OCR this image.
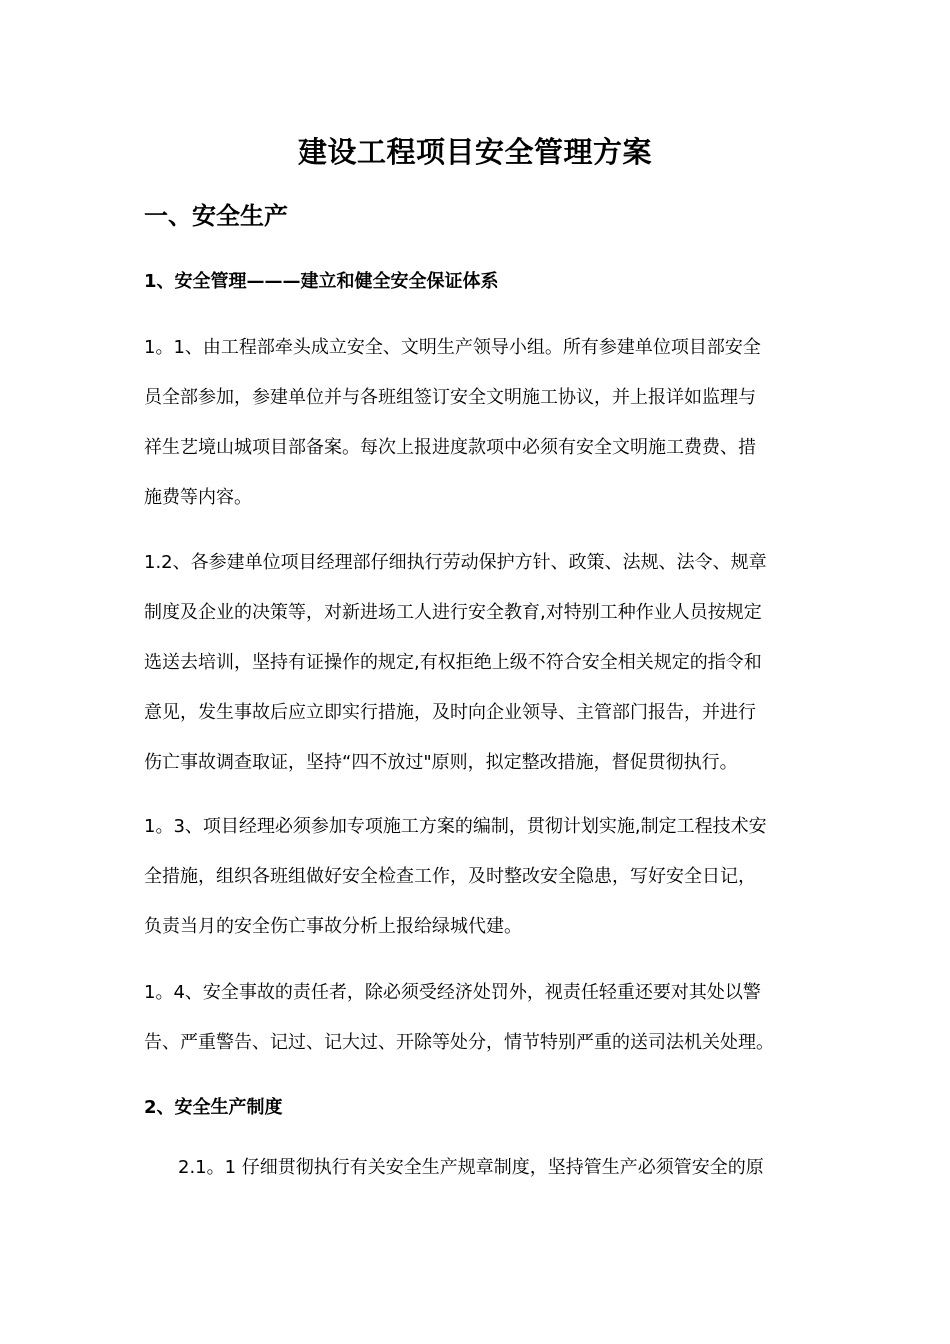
建设工程项目安全管理方案
一、安全生产
1、安全管理———建立和健全安全保证体系
1。1、由工程部牵头成立安全、文明生产领导小组。所有参建单位项目部安全
员全部参加，参建单位并与各班组签订安全文明施工协议，并上报详如监理与
祥生艺境山城项目部备案。每次上报进度款项中必须有安全文明施工费费、措
施费等内容。
1.2、各参建单位项目经理部仔细执行劳动保护方针、政策、法规、法令、规章
制度及企业的决策等，对新进场工人进行安全教育,对特别工种作业人员按规定
选送去培训，坚持有证操作的规定,有权拒绝上级不符合安全相关规定的指令和
意见，发生事故后应立即实行措施，及时向企业领导、主管部门报告，并进行
伤亡事故调查取证，坚持“四不放过"原则，拟定整改措施，督促贯彻执行。
1。3、项目经理必须参加专项施工方案的编制，贯彻计划实施,制定工程技术安
全措施，组织各班组做好安全检查工作，及时整改安全隐患，写好安全日记，
负责当月的安全伤亡事故分析上报给绿城代建。
1。4、安全事故的责任者，除必须受经济处罚外，视责任轻重还要对其处以警
告、严重警告、记过、记大过、开除等处分，情节特别严重的送司法机关处理。
2、安全生产制度
2.1。1 仔细贯彻执行有关安全生产规章制度，坚持管生产必须管安全的原
